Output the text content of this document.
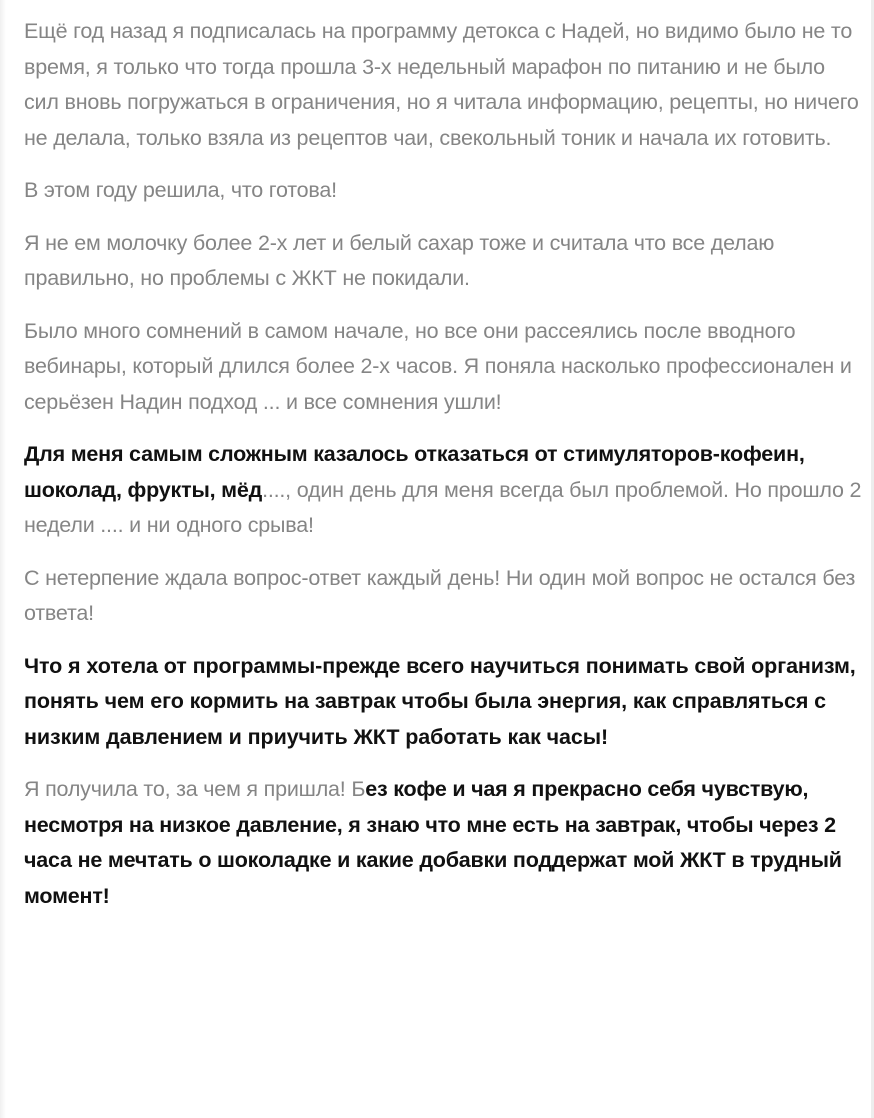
Ещё год назад я подписалась на программу детокса с Надей, но видимо было не то время, я только что тогда прошла 3-х недельный марафон по питанию и не было сил вновь погружаться в ограничения, но я читала информацию, рецепты, но ничего не делала, только взяла из рецептов чаи, свекольный тоник и начала их готовить.

В этом году решила, что готова!

Я не ем молочку более 2-х лет и белый сахар тоже и считала что все делаю правильно, но проблемы с ЖКТ не покидали.

Было много сомнений в самом начале, но все они рассеялись после вводного вебинары, который длился более 2-х часов. Я поняла насколько профессионален и серьёзен Надин подход ... и все сомнения ушли!

Для меня самым сложным казалось отказаться от стимуляторов-кофеин, шоколад, фрукты, мёд...., один день для меня всегда был проблемой. Но прошло 2 недели .... и ни одного срыва!

С нетерпение ждала вопрос-ответ каждый день! Ни один мой вопрос не остался без ответа!

Что я хотела от программы-прежде всего научиться понимать свой организм, понять чем его кормить на завтрак чтобы была энергия, как справляться с низким давлением и приучить ЖКТ работать как часы!

Я получила то, за чем я пришла! Без кофе и чая я прекрасно себя чувствую, несмотря на низкое давление, я знаю что мне есть на завтрак, чтобы через 2 часа не мечтать о шоколадке и какие добавки поддержат мой ЖКТ в трудный момент!
